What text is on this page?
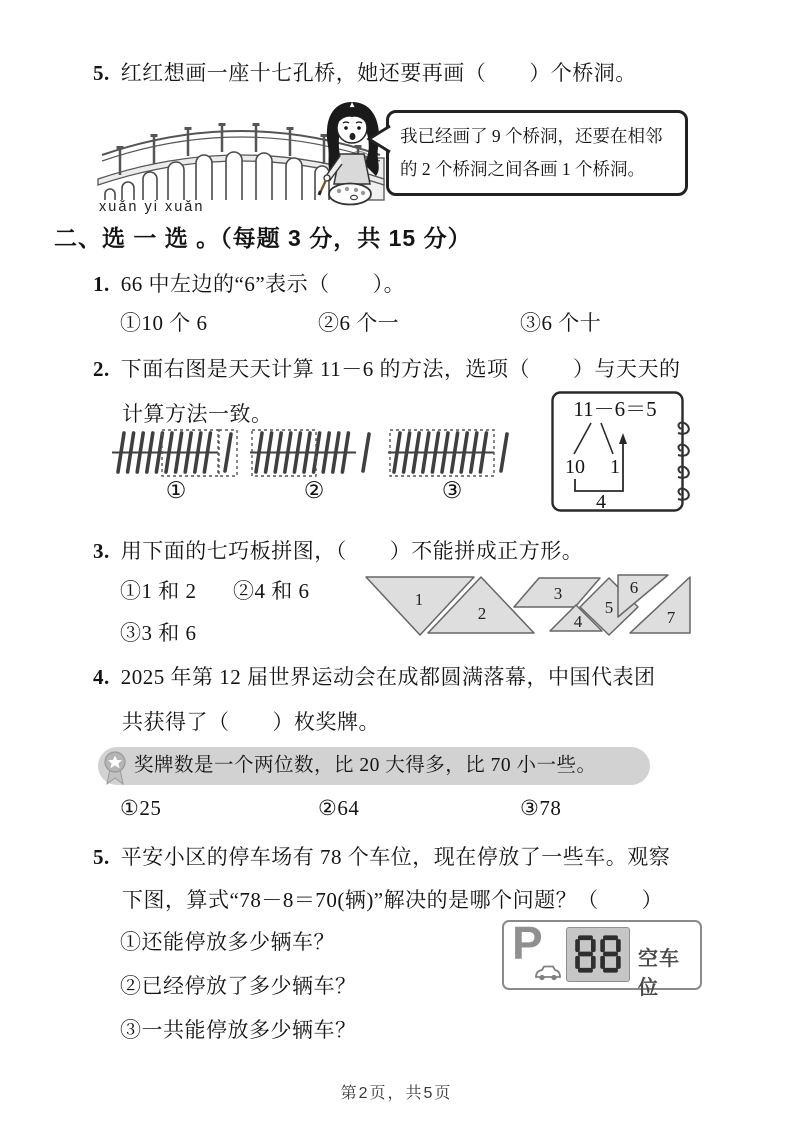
5. 红红想画一座十七孔桥，她还要再画（　　）个桥洞。
我已经画了 9 个桥洞，还要在相邻
的 2 个桥洞之间各画 1 个桥洞。
xuǎn yi xuǎn
二、选 一 选 。（每题 3 分，共 15 分）
1. 66 中左边的“6”表示（　　）。
①10 个 6	②6 个一	③6 个十
2. 下面右图是天天计算 11－6 的方法，选项（　　）与天天的
计算方法一致。
①	②	③
11－6＝5
10 1
4
3. 用下面的七巧板拼图，（　　）不能拼成正方形。
①1 和 2 ②4 和 6
③3 和 6
1
2
3
4
5
6
7
4. 2025 年第 12 届世界运动会在成都圆满落幕，中国代表团
共获得了（　　）枚奖牌。
奖牌数是一个两位数，比 20 大得多，比 70 小一些。
①25	②64	③78
5. 平安小区的停车场有 78 个车位，现在停放了一些车。观察
下图，算式“78－8＝70(辆)”解决的是哪个问题？（　　）
①还能停放多少辆车？
②已经停放了多少辆车？
③一共能停放多少辆车？
P	空车位
第2页，共5页
